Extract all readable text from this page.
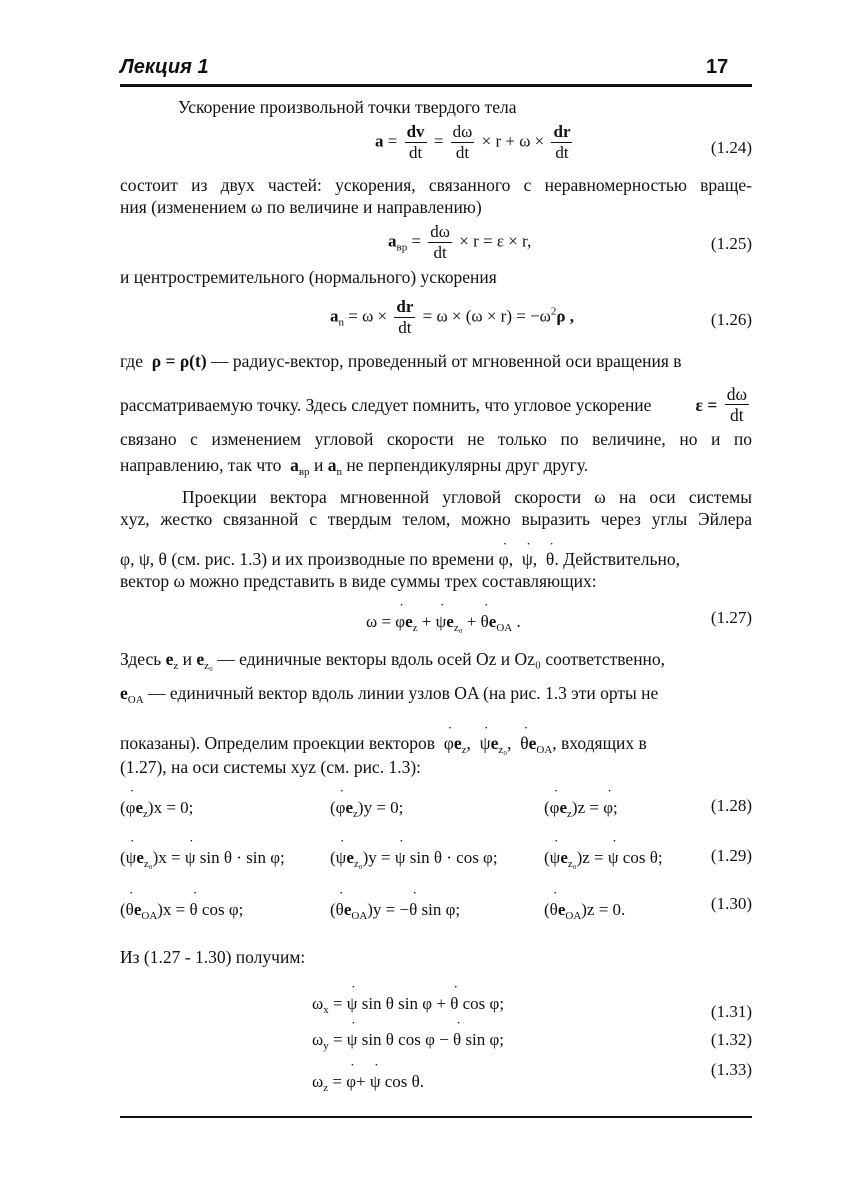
Лекция 1	17
Ускорение произвольной точки твердого тела
$a = \frac{dv}{dt} = \frac{d\omega}{dt} \times r + \omega \times \frac{dr}{dt}$	(1.24)
состоит из двух частей: ускорения, связанного с неравномерностью враще-
ния (изменением ω по величине и направлению)
$a_{вр} = \frac{d\omega}{dt} \times r = \varepsilon \times r$,	(1.25)
и центростремительного (нормального) ускорения
$a_n = \omega \times \frac{dr}{dt} = \omega \times (\omega \times r) = -\omega^2\rho$ ,	(1.26)
где ρ = ρ(t) — радиус-вектор, проведенный от мгновенной оси вращения в
рассматриваемую точку. Здесь следует помнить, что угловое ускорение	$\varepsilon = \frac{d\omega}{dt}$
связано с изменением угловой скорости не только по величине, но и по
направлению, так что $a_{вр}$ и $a_n$ не перпендикулярны друг другу.
Проекции вектора мгновенной угловой скорости ω на оси системы
xyz, жестко связанной с твердым телом, можно выразить через углы Эйлера
φ, ψ, θ (см. рис. 1.3) и их производные по времени ˙ φ,  ˙ ψ,  ˙ θ. Действительно,
вектор ω можно представить в виде суммы трех составляющих:
ω = ˙ $\varphi e_z$ + ˙ $\psi e_{z_0}$ + ˙ $\theta e_{OA}$ .	(1.27)
Здесь $e_z$ и $e_{z_0}$ — единичные векторы вдоль осей Oz и Oz₀ соответственно,
$e_{OA}$ — единичный вектор вдоль линии узлов OA (на рис. 1.3 эти орты не
показаны). Определим проекции векторов  ˙ $\varphi e_z$,  ˙ $\psi e_{z_0}$,  ˙ $\theta e_{OA}$, входящих в
(1.27), на оси системы xyz (см. рис. 1.3):
(˙ $\varphi e_z)x = 0$;	(˙ $\varphi e_z)y = 0$;	(˙ $\varphi e_z)z$ = ˙ φ;	(1.28)
(˙ $\psi e_{z_0})x$ = ˙ ψ sin θ · sin φ;	(˙ $\psi e_{z_0})y$ = ˙ ψ sin θ · cos φ;	(˙ $\psi e_{z_0})z$ = ˙ ψ cos θ;	(1.29)
(˙ $\theta e_{OA})x$ = ˙ θ cos φ;	(˙ $\theta e_{OA})y$ = −˙ θ sin φ;	(˙ $\theta e_{OA})z = 0$.	(1.30)
Из (1.27 - 1.30) получим:
$\omega_x$ = ˙ ψ sin θ sin φ + ˙ θ cos φ;	(1.31)
$\omega_y$ = ˙ ψ sin θ cos φ − ˙ θ sin φ;	(1.32)
$\omega_z$ = ˙ φ+ ˙ ψ cos θ.
(1.33)
